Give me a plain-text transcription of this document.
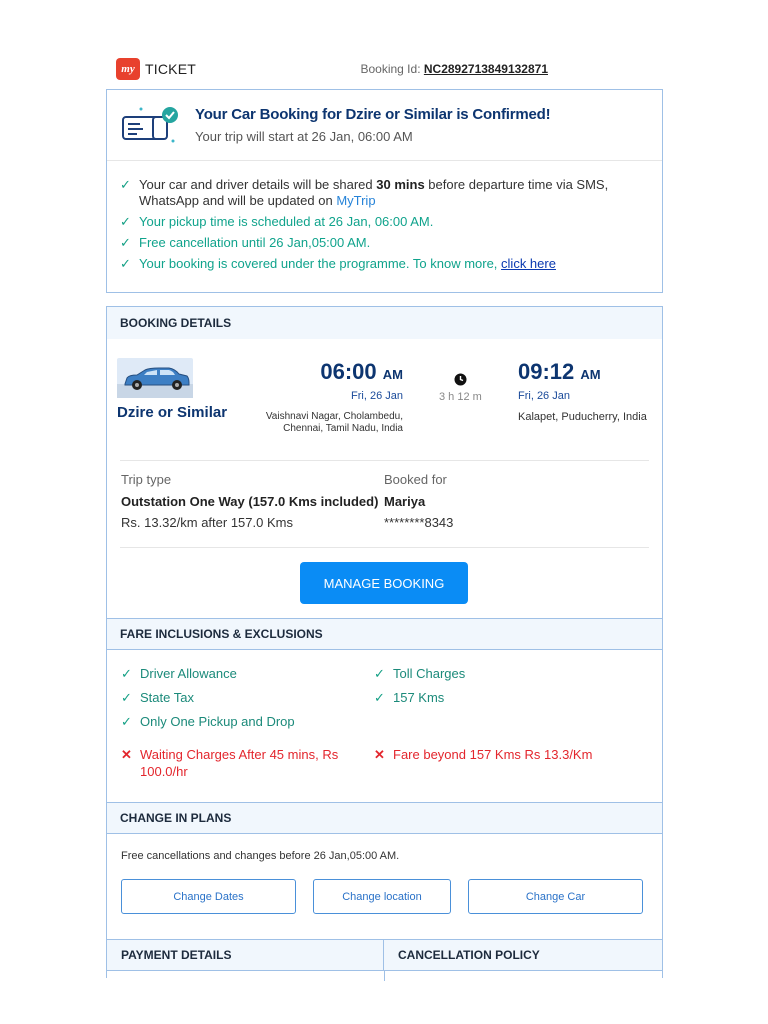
my TICKET	Booking Id: NC2892713849132871
Your Car Booking for Dzire or Similar is Confirmed!
Your trip will start at 26 Jan, 06:00 AM
✓ Your car and driver details will be shared 30 mins before departure time via SMS, WhatsApp and will be updated on MyTrip
✓ Your pickup time is scheduled at 26 Jan, 06:00 AM.
✓ Free cancellation until 26 Jan,05:00 AM.
✓ Your booking is covered under the programme. To know more, click here
BOOKING DETAILS
Dzire or Similar
06:00 AM
Fri, 26 Jan
Vaishnavi Nagar, Cholambedu, Chennai, Tamil Nadu, India
3 h 12 m
09:12 AM
Fri, 26 Jan
Kalapet, Puducherry, India
Trip type
Outstation One Way (157.0 Kms included)
Rs. 13.32/km after 157.0 Kms
Booked for
Mariya
********8343
MANAGE BOOKING
FARE INCLUSIONS & EXCLUSIONS
✓ Driver Allowance
✓ State Tax
✓ Only One Pickup and Drop
✓ Toll Charges
✓ 157 Kms
✕ Waiting Charges After 45 mins, Rs 100.0/hr
✕ Fare beyond 157 Kms Rs 13.3/Km
CHANGE IN PLANS
Free cancellations and changes before 26 Jan,05:00 AM.
Change Dates	Change location	Change Car
PAYMENT DETAILS	CANCELLATION POLICY
